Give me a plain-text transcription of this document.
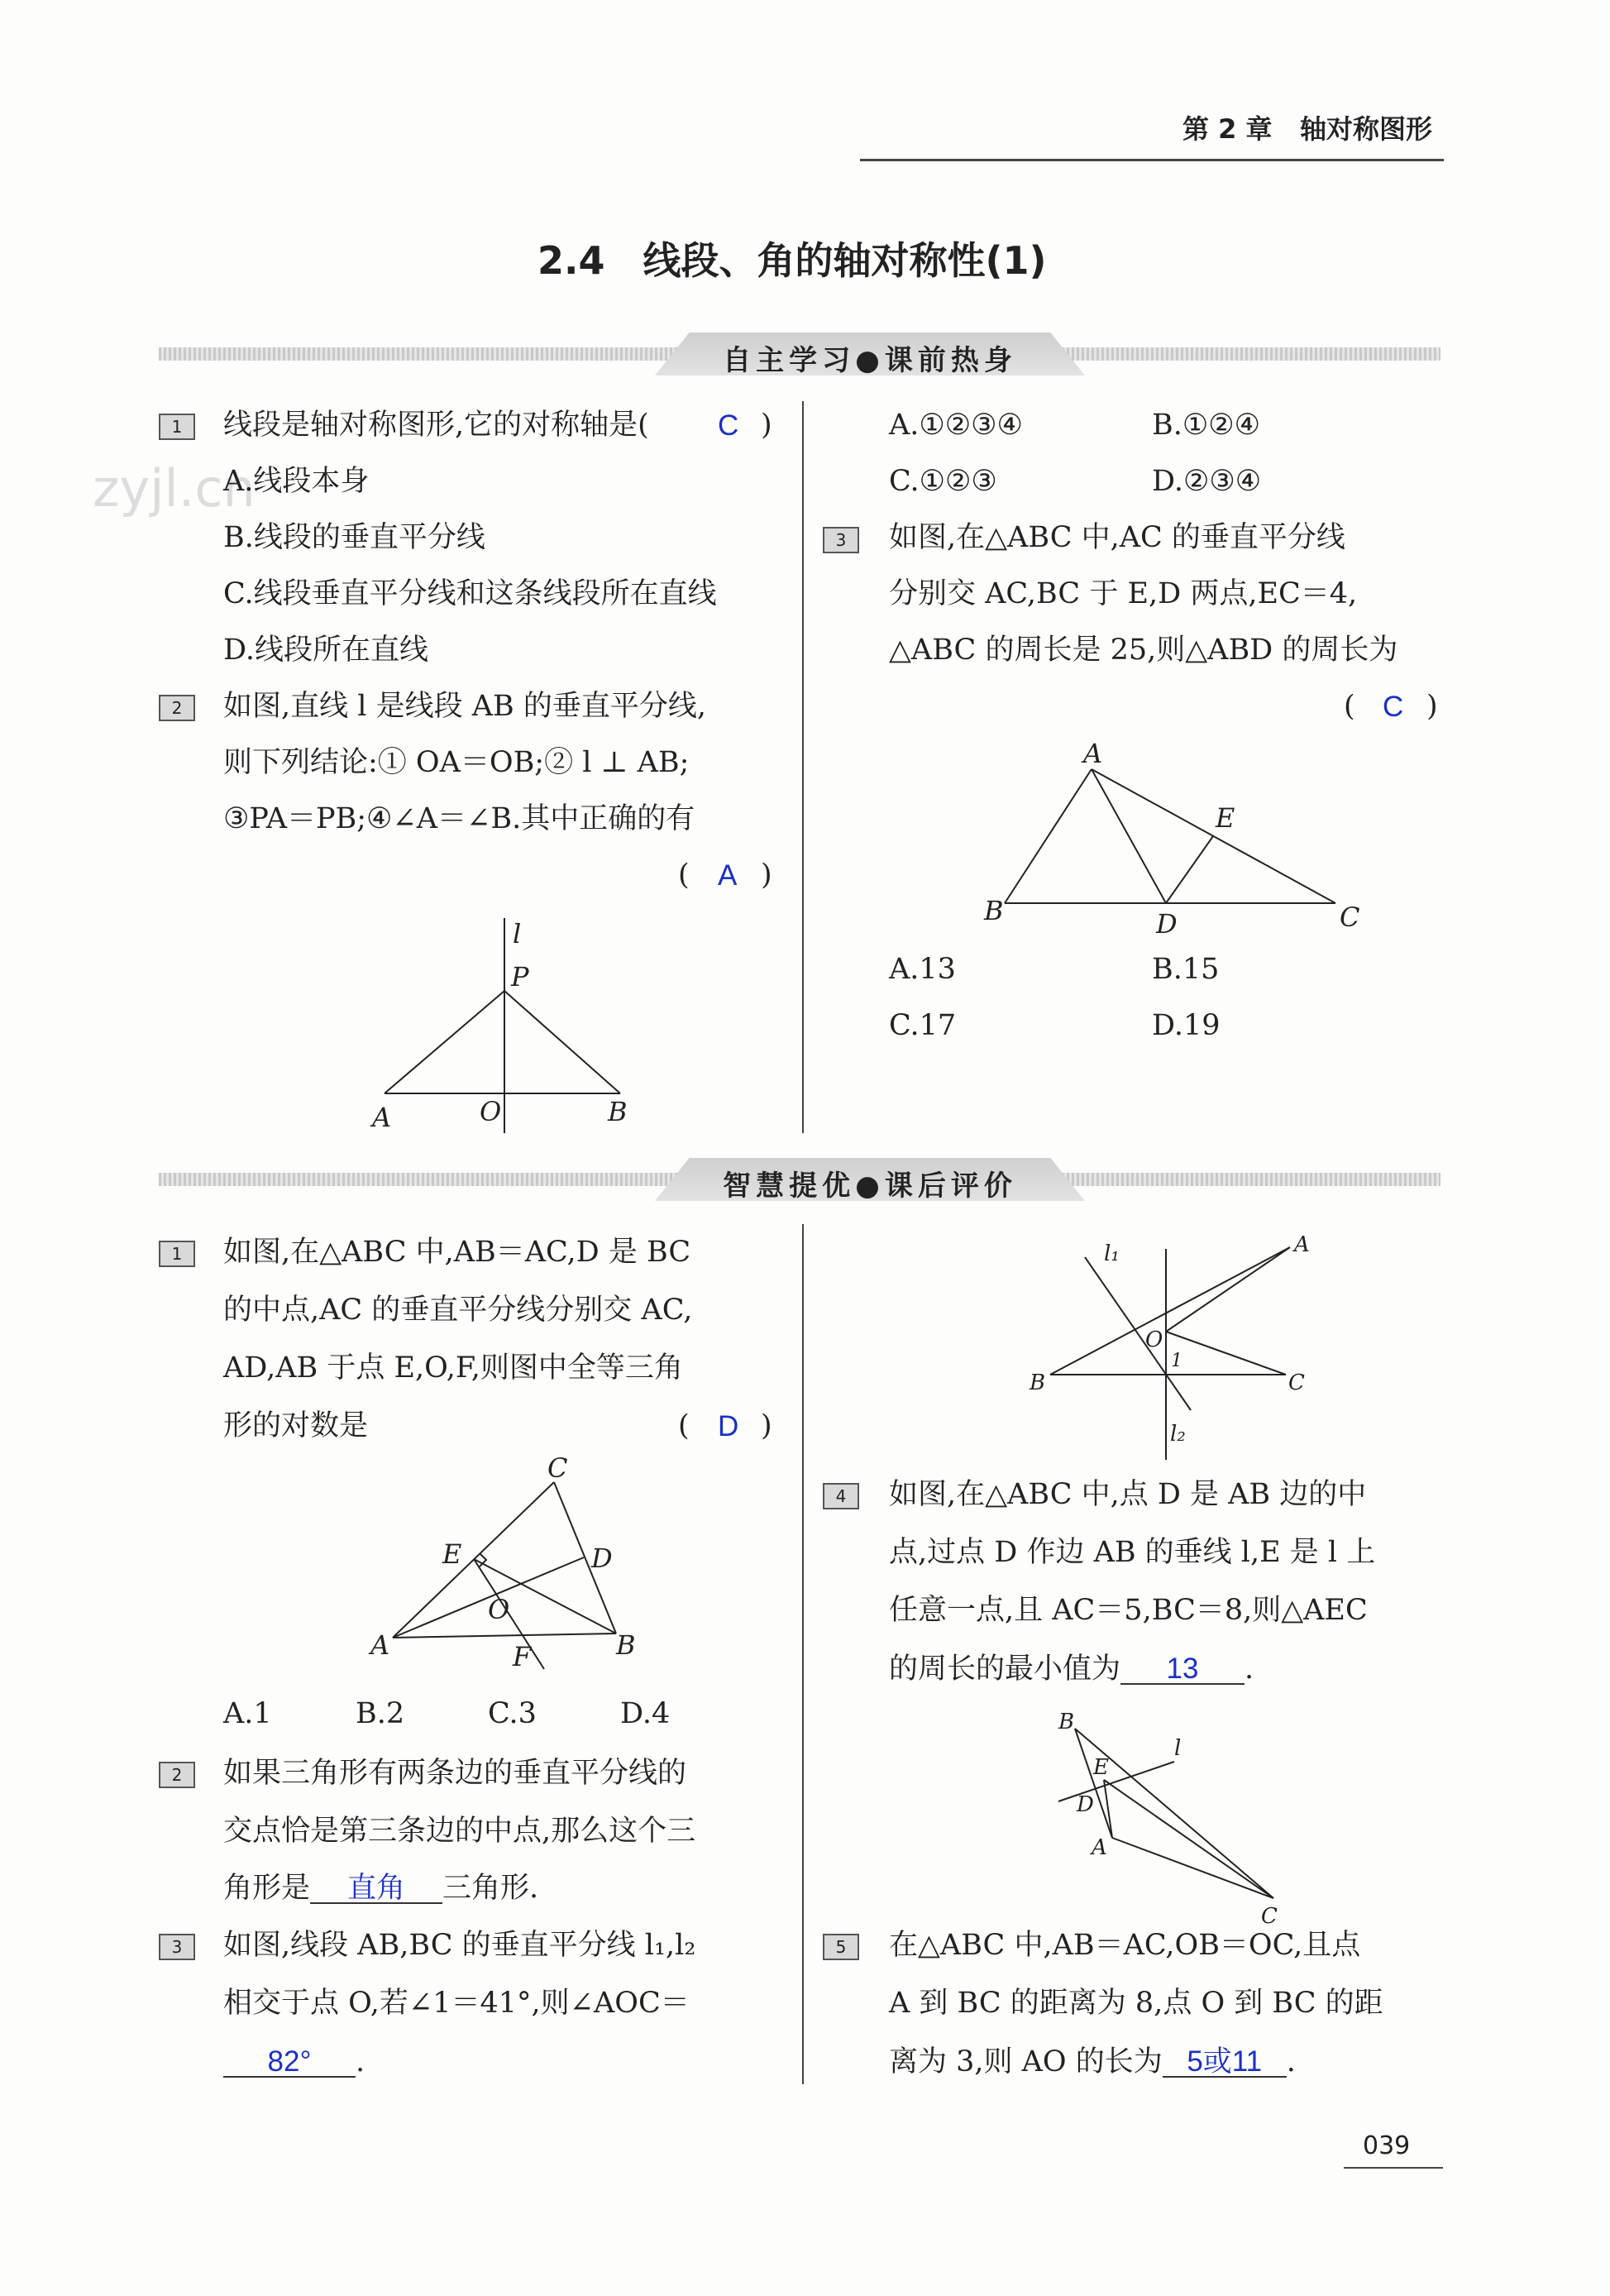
第 2 章 轴对称图形
zyjl.cn
2.4　线段、角的轴对称性(1)
自主学习●课前热身
1	线段是轴对称图形,它的对称轴是( C )
A.线段本身
B.线段的垂直平分线
C.线段垂直平分线和这条线段所在直线
D.线段所在直线
2	如图,直线 l 是线段 AB 的垂直平分线,
则下列结论:① OA＝OB;② l ⊥ AB;
③PA＝PB;④∠A＝∠B.其中正确的有
( A )
l
P
A	O	B
A.①②③④	B.①②④
C.①②③	D.②③④
3	如图,在△ABC 中,AC 的垂直平分线
分别交 AC,BC 于 E,D 两点,EC＝4,
△ABC 的周长是 25,则△ABD 的周长为
( C )
A
B	C
D
E
A.13	B.15
C.17	D.19
智慧提优●课后评价
1	如图,在△ABC 中,AB＝AC,D 是 BC
的中点,AC 的垂直平分线分别交 AC,
AD,AB 于点 E,O,F,则图中全等三角
形的对数是	( D )
C
D
E
O
A	B
F
A.1	B.2	C.3	D.4
2	如果三角形有两条边的垂直平分线的
交点恰是第三条边的中点,那么这个三
角形是 直角 三角形.
3	如图,线段 AB,BC 的垂直平分线 l₁,l₂
相交于点 O,若∠1＝41°,则∠AOC＝
82° .
l₁	A
O
1
B	C
l₂
4	如图,在△ABC 中,点 D 是 AB 边的中
点,过点 D 作边 AB 的垂线 l,E 是 l 上
任意一点,且 AC＝5,BC＝8,则△AEC
的周长的最小值为 13 .
B
E
l
D
A
C
5	在△ABC 中,AB＝AC,OB＝OC,且点
A 到 BC 的距离为 8,点 O 到 BC 的距
离为 3,则 AO 的长为 5或11 .
039
